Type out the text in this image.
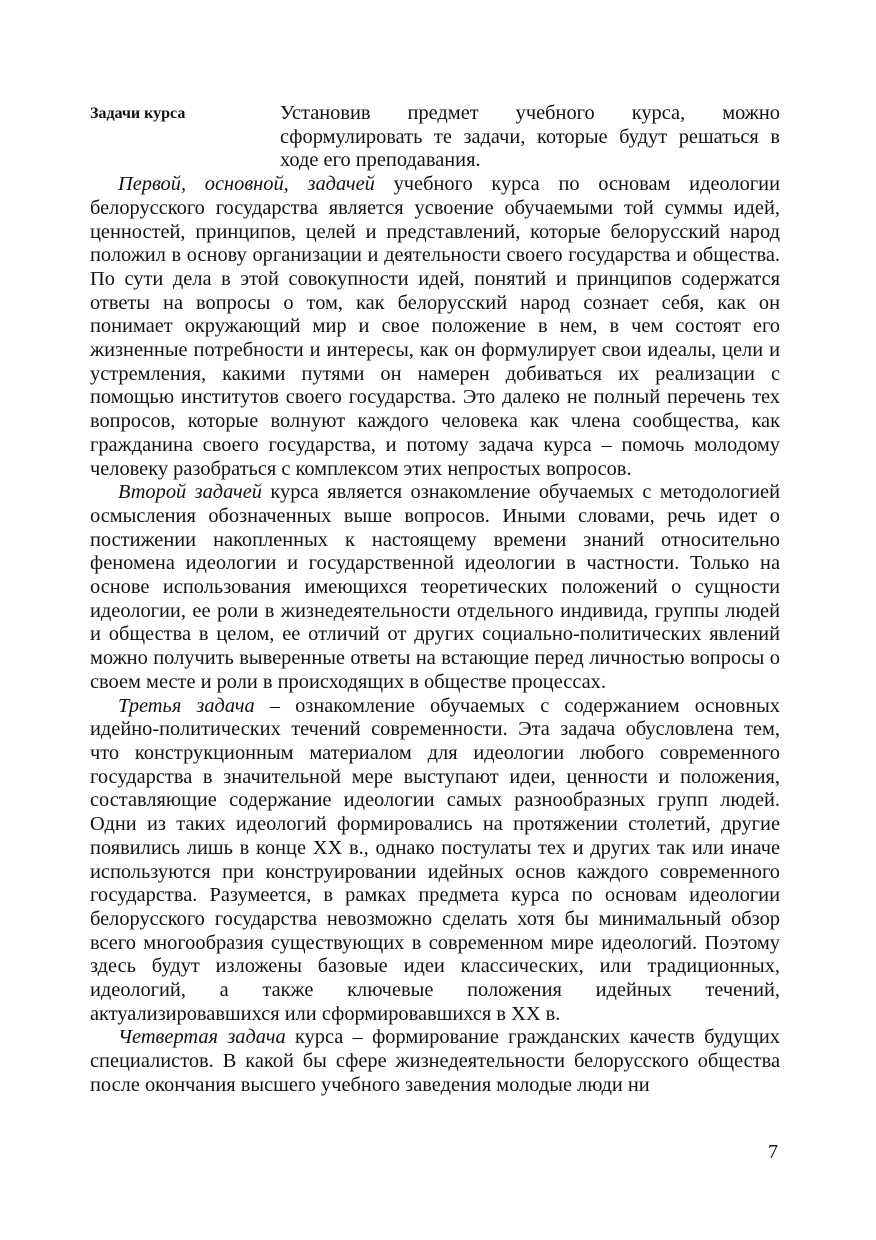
Задачи курса	Установив предмет учебного курса, можно сформулировать те задачи, которые будут решаться в ходе его преподавания.

Первой, основной, задачей учебного курса по основам идеологии белорусского государства является усвоение обучаемыми той суммы идей, ценностей, принципов, целей и представлений, которые белорусский народ положил в основу организации и деятельности своего государства и общества. По сути дела в этой совокупности идей, понятий и принципов содержатся ответы на вопросы о том, как белорусский народ сознает себя, как он понимает окружающий мир и свое положение в нем, в чем состоят его жизненные потребности и интересы, как он формулирует свои идеалы, цели и устремления, какими путями он намерен добиваться их реализации с помощью институтов своего государства. Это далеко не полный перечень тех вопросов, которые волнуют каждого человека как члена сообщества, как гражданина своего государства, и потому задача курса – помочь молодому человеку разобраться с комплексом этих непростых вопросов.

Второй задачей курса является ознакомление обучаемых с методологией осмысления обозначенных выше вопросов. Иными словами, речь идет о постижении накопленных к настоящему времени знаний относительно феномена идеологии и государственной идеологии в частности. Только на основе использования имеющихся теоретических положений о сущности идеологии, ее роли в жизнедеятельности отдельного индивида, группы людей и общества в целом, ее отличий от других социально-политических явлений можно получить выверенные ответы на встающие перед личностью вопросы о своем месте и роли в происходящих в обществе процессах.

Третья задача – ознакомление обучаемых с содержанием основных идейно-политических течений современности. Эта задача обусловлена тем, что конструкционным материалом для идеологии любого современного государства в значительной мере выступают идеи, ценности и положения, составляющие содержание идеологии самых разнообразных групп людей. Одни из таких идеологий формировались на протяжении столетий, другие появились лишь в конце XX в., однако постулаты тех и других так или иначе используются при конструировании идейных основ каждого современного государства. Разумеется, в рамках предмета курса по основам идеологии белорусского государства невозможно сделать хотя бы минимальный обзор всего многообразия существующих в современном мире идеологий. Поэтому здесь будут изложены базовые идеи классических, или традиционных, идеологий, а также ключевые положения идейных течений, актуализировавшихся или сформировавшихся в XX в.

Четвертая задача курса – формирование гражданских качеств будущих специалистов. В какой бы сфере жизнедеятельности белорусского общества после окончания высшего учебного заведения молодые люди ни

7
